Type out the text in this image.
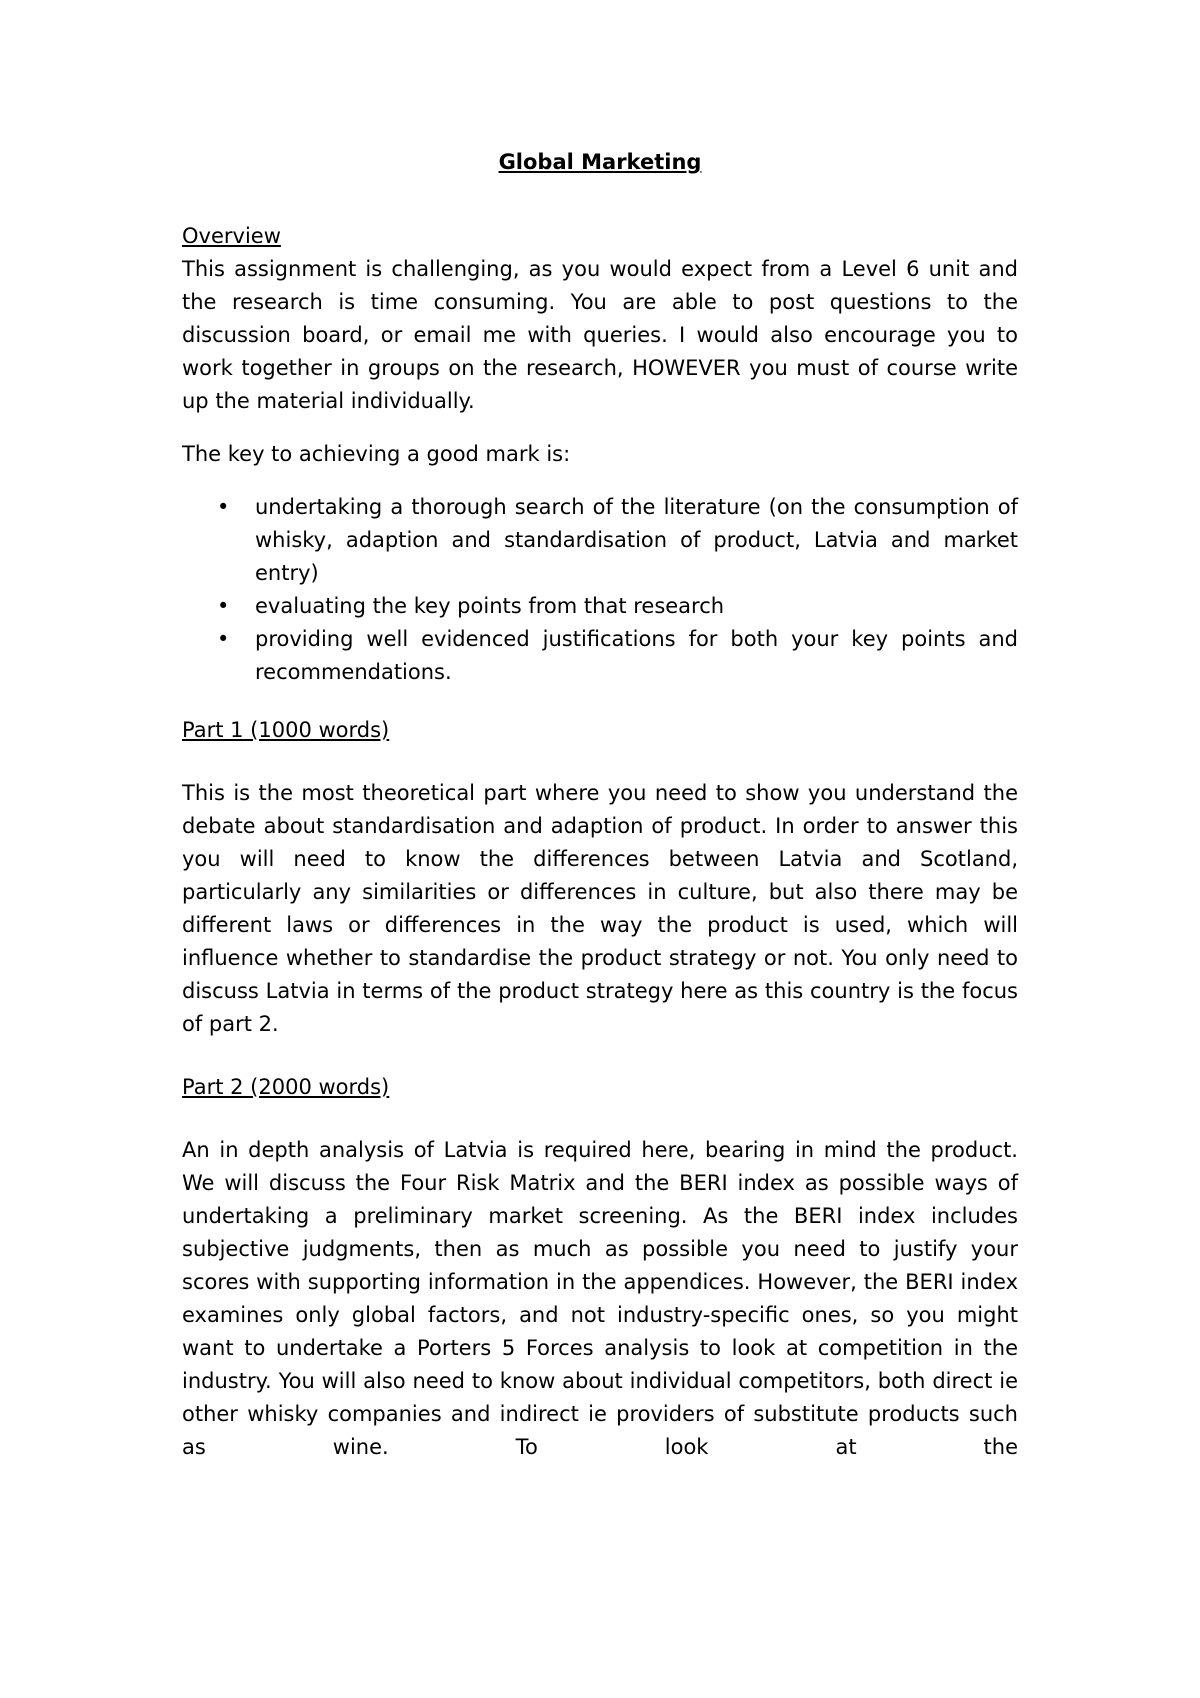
Global Marketing
Overview

This assignment is challenging, as you would expect from a Level 6 unit and the research is time consuming. You are able to post questions to the discussion board, or email me with queries. I would also encourage you to work together in groups on the research, HOWEVER you must of course write up the material individually.

The key to achieving a good mark is:

• undertaking a thorough search of the literature (on the consumption of whisky, adaption and standardisation of product, Latvia and market entry)
• evaluating the key points from that research
• providing well evidenced justifications for both your key points and recommendations.
Part 1 (1000 words)

This is the most theoretical part where you need to show you understand the debate about standardisation and adaption of product. In order to answer this you will need to know the differences between Latvia and Scotland, particularly any similarities or differences in culture, but also there may be different laws or differences in the way the product is used, which will influence whether to standardise the product strategy or not. You only need to discuss Latvia in terms of the product strategy here as this country is the focus of part 2.

Part 2 (2000 words)

An in depth analysis of Latvia is required here, bearing in mind the product. We will discuss the Four Risk Matrix and the BERI index as possible ways of undertaking a preliminary market screening. As the BERI index includes subjective judgments, then as much as possible you need to justify your scores with supporting information in the appendices. However, the BERI index examines only global factors, and not industry-specific ones, so you might want to undertake a Porters 5 Forces analysis to look at competition in the industry. You will also need to know about individual competitors, both direct ie other whisky companies and indirect ie providers of substitute products such as wine. To look at the
